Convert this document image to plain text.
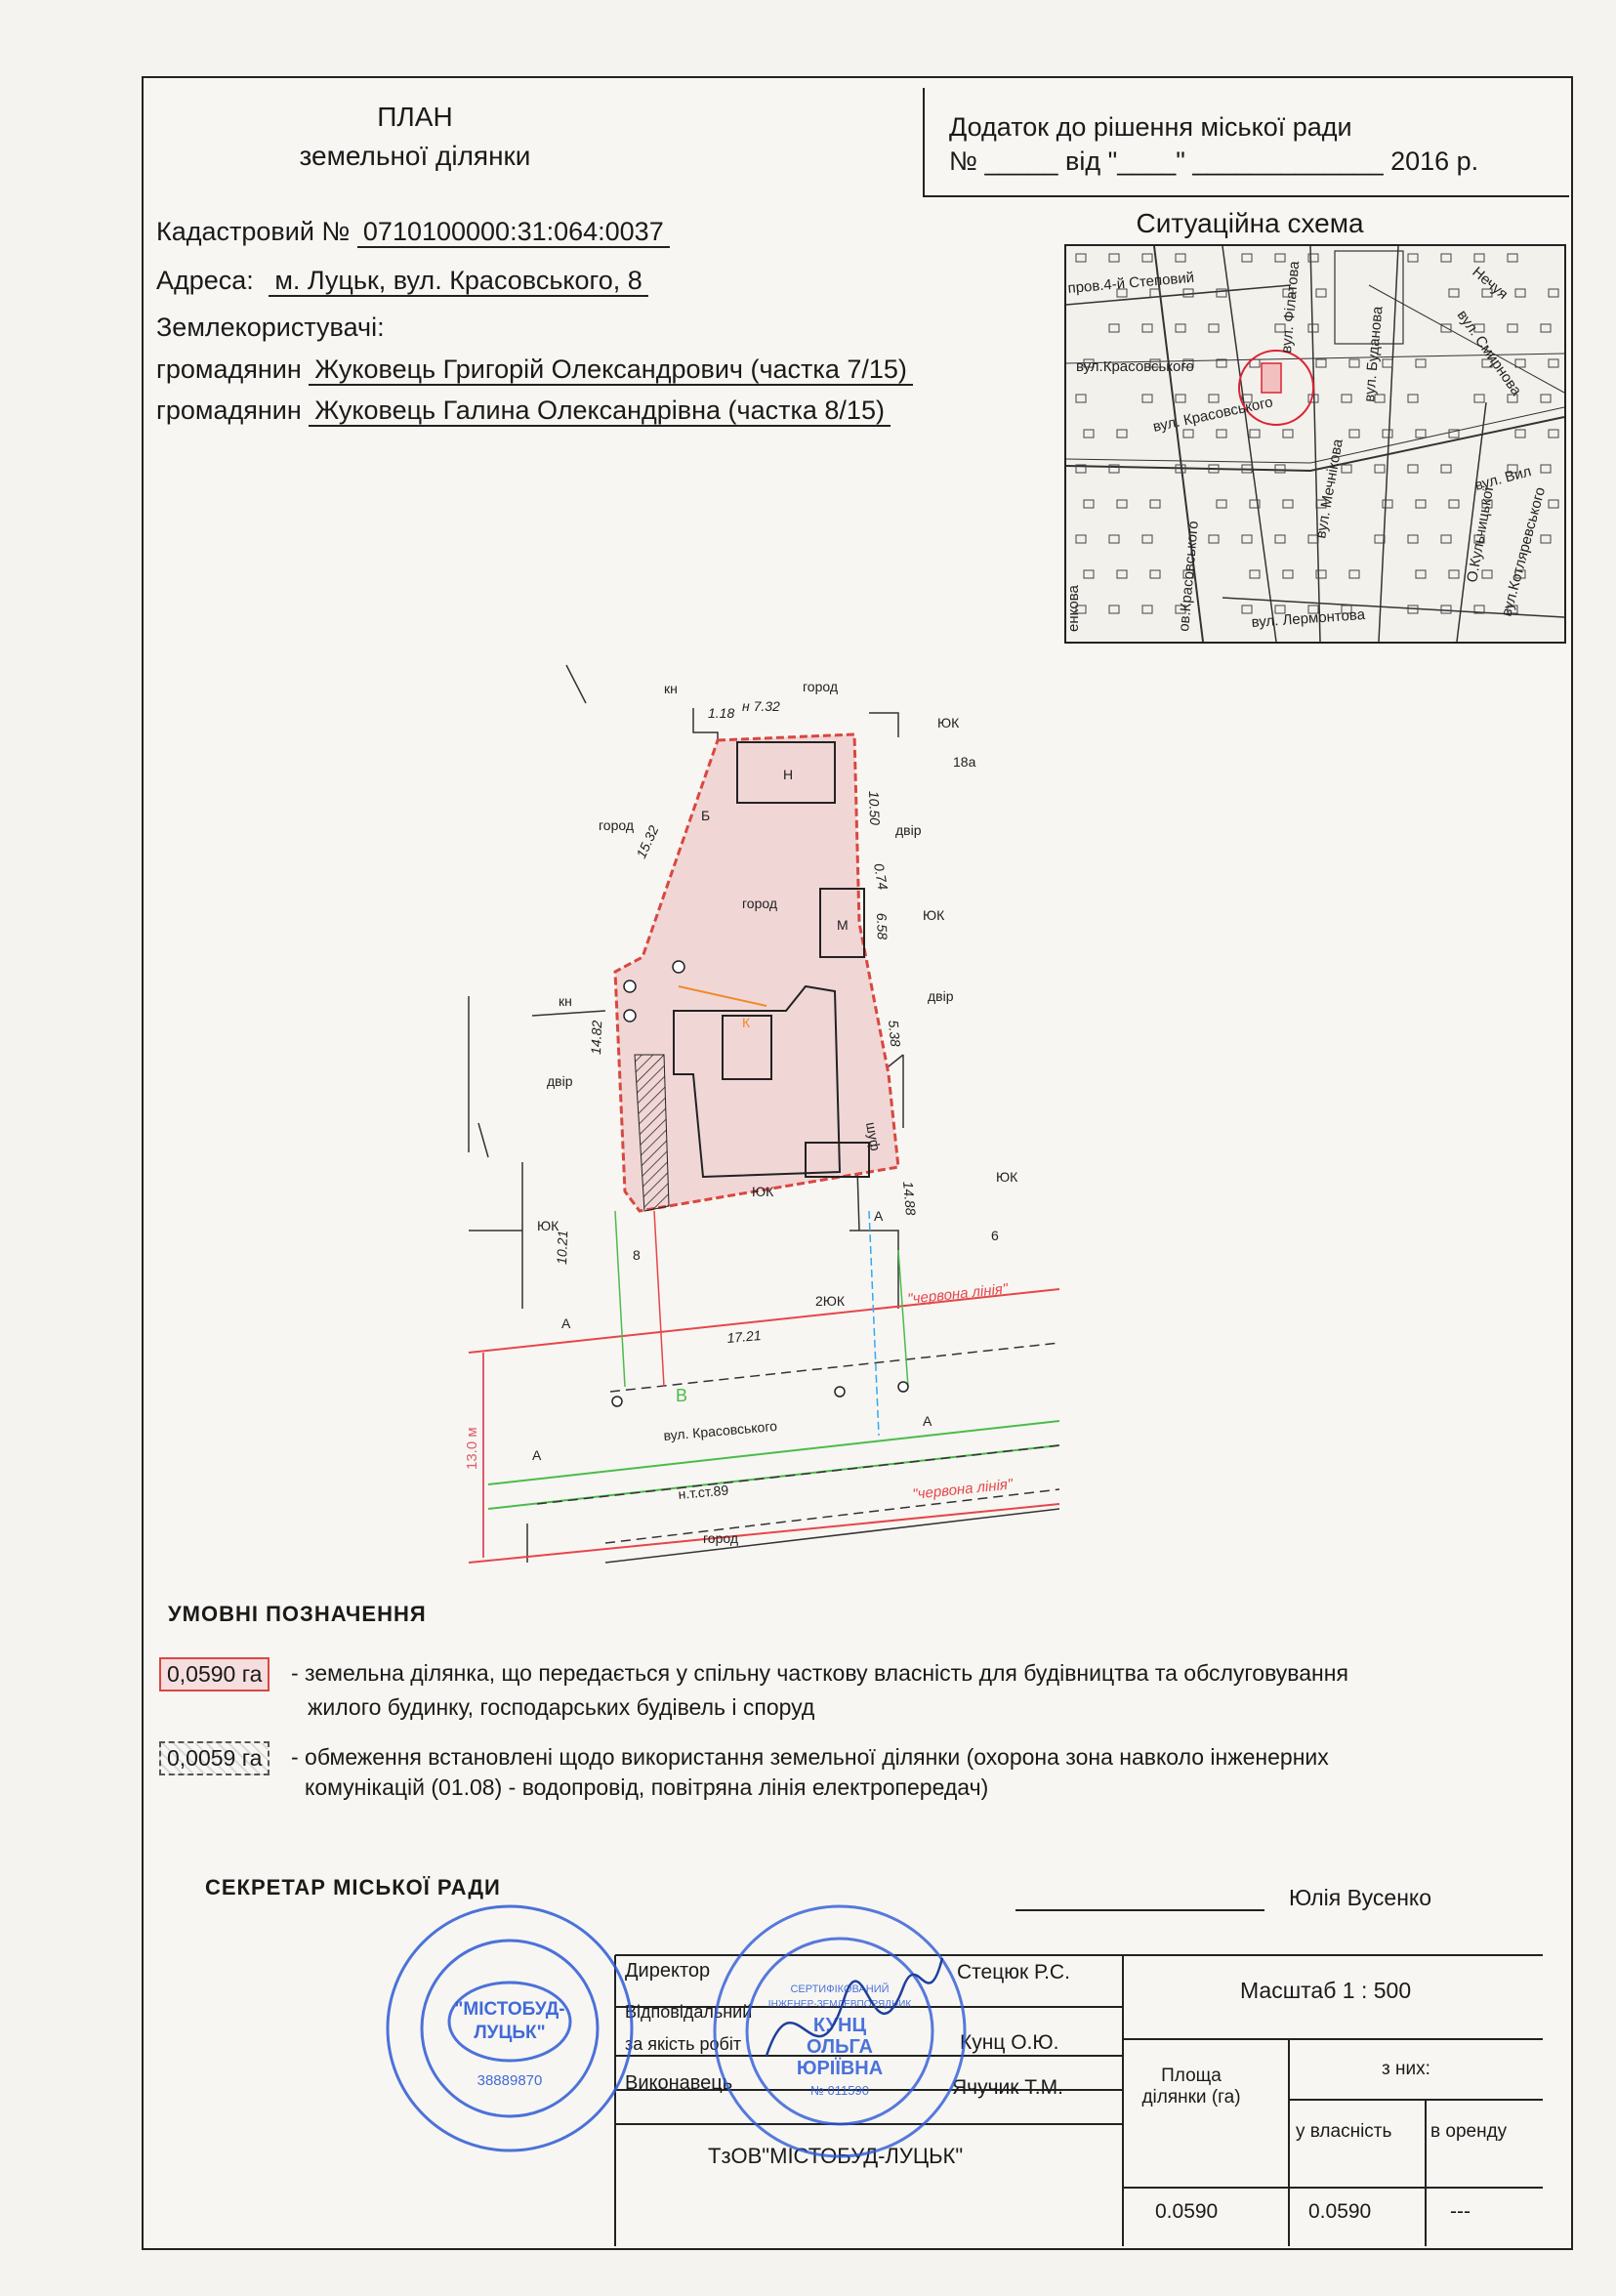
ПЛАН
земельної ділянки
Додаток до рішення міської ради
№ _____ від "____" _____________ 2016 р.
Кадастровий № 0710100000:31:064:0037
Адреса: м. Луцьк, вул. Красовського, 8
Землекористувачі:
громадянин Жуковець Григорій Олександрович (частка 7/15)
громадянин Жуковець Галина Олександрівна (частка 8/15)
Ситуаційна схема
пров.4-й Степовий
вул.Красовського
вул. Красовського
вул. Мечнікова
вул. Лермонтова
вул. Смирнова
вул. Буданова
вул. Філатова
О.Кульчицької
вул. Вил
ов.Красовського
енкова	вул.Котляревського
Нечуя
кн	город
ЮК
18а
Н
Б
город	двір
город
М
ЮК
кн	двір
К
двір
ЮК
ЮК
шуф
А
ЮК
6
2ЮК
8
В
А
А
А
вул. Красовського
н.т.ст.89
город
"червона лінія"
"червона лінія"
13.0 м
1.18 н 7.32
15.32
10.50
0.74
6.58
5.38
14.88
14.82
10.21
17.21
УМОВНІ ПОЗНАЧЕННЯ
0,0590 га	- земельна ділянка, що передається у спільну часткову власність для будівництва та обслуговування
жилого будинку, господарських будівель і споруд
0,0059 га	- обмеження встановлені щодо використання земельної ділянки (охорона зона навколо інженерних
комунікацій (01.08) - водопровід, повітряна лінія електропередач)
СЕКРЕТАР МІСЬКОЇ РАДИ	Юлія Вусенко
Директор	Стецюк Р.С.
Відповідальний
за якість робіт	Кунц О.Ю.
Виконавець	Ячучик Т.М.
ТзОВ"МІСТОБУД-ЛУЦЬК"
Масштаб 1 : 500
Площа ділянки (га)
з них:
у власність в оренду
0.0590	0.0590	---
"МІСТОБУД-
ЛУЦЬК"
38889870
СЕРТИФІКОВАНИЙ
ІНЖЕНЕР-ЗЕМЛЕВПОРЯДНИК
КУНЦ
ОЛЬГА
ЮРІЇВНА
№ 011590
